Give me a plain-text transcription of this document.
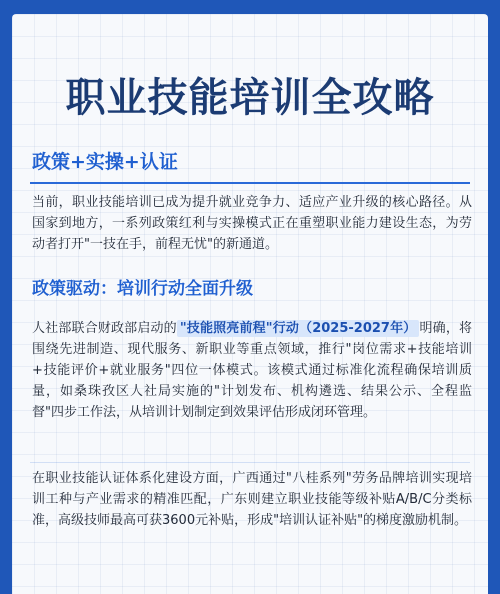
职业技能培训全攻略
政策+实操+认证

当前，职业技能培训已成为提升就业竞争力、适应产业升级的核心路径。从国家到地方，一系列政策红利与实操模式正在重塑职业能力建设生态，为劳动者打开"一技在手，前程无忧"的新通道。

政策驱动：培训行动全面升级

人社部联合财政部启动的 "技能照亮前程"行动（2025-2027年） 明确，将围绕先进制造、现代服务、新职业等重点领域，推行"岗位需求+技能培训+技能评价+就业服务"四位一体模式。该模式通过标准化流程确保培训质量，如桑珠孜区人社局实施的"计划发布、机构遴选、结果公示、全程监督"四步工作法，从培训计划制定到效果评估形成闭环管理。

在职业技能认证体系化建设方面，广西通过"八桂系列"劳务品牌培训实现培训工种与产业需求的精准匹配，广东则建立职业技能等级补贴A/B/C分类标准，高级技师最高可获3600元补贴，形成"培训认证补贴"的梯度激励机制。
